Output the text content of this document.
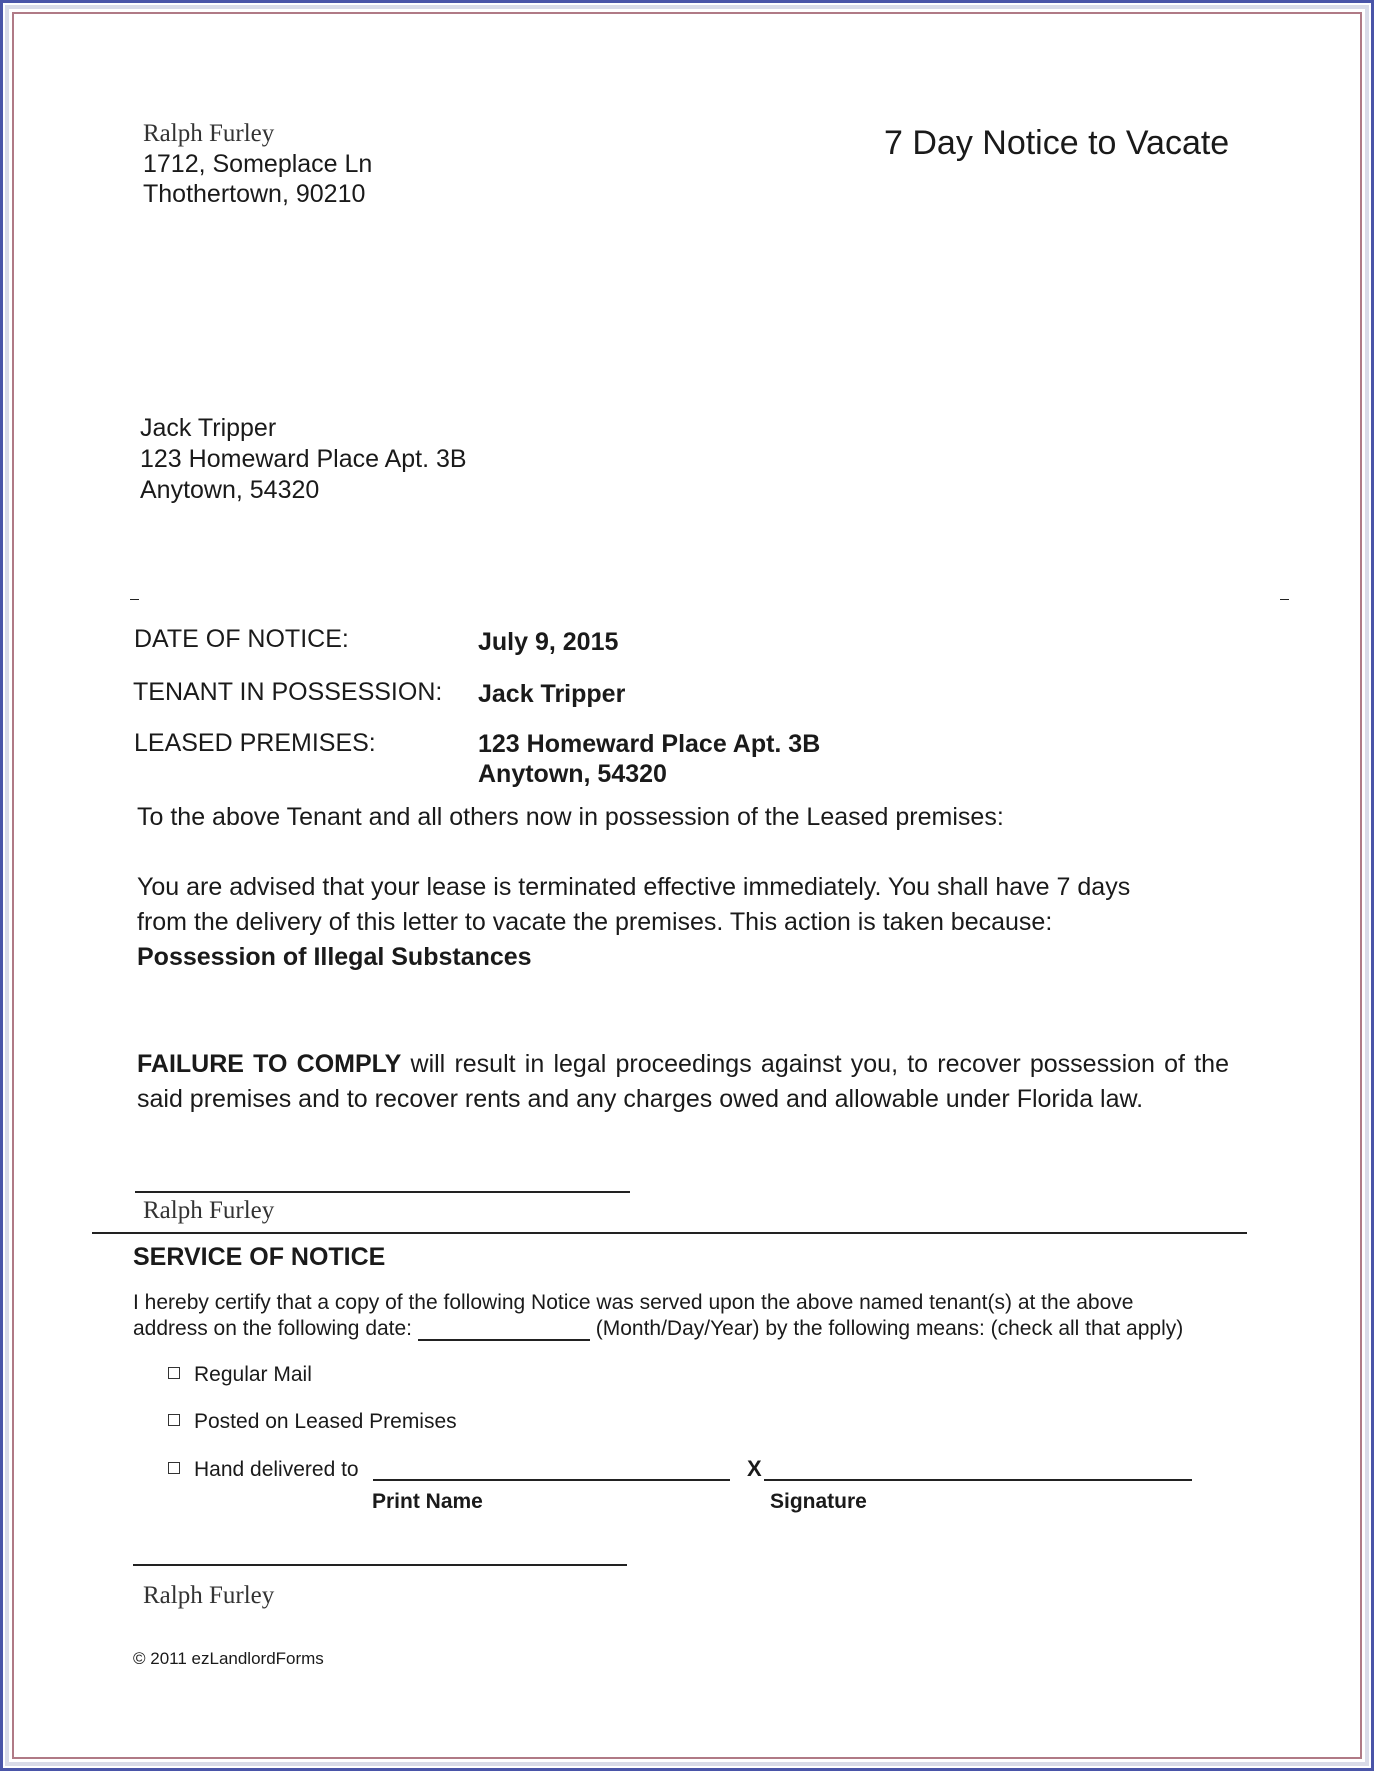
Ralph Furley
1712, Someplace Ln
Thothertown, 90210
7 Day Notice to Vacate
Jack Tripper
123 Homeward Place Apt. 3B
Anytown, 54320
DATE OF NOTICE:	July 9, 2015
TENANT IN POSSESSION: Jack Tripper
LEASED PREMISES:	123 Homeward Place Apt. 3B
Anytown, 54320
To the above Tenant and all others now in possession of the Leased premises:
You are advised that your lease is terminated effective immediately. You shall have 7 days
from the delivery of this letter to vacate the premises. This action is taken because:
Possession of Illegal Substances
FAILURE TO COMPLY will result in legal proceedings against you, to recover possession of the said premises and to recover rents and any charges owed and allowable under Florida law.
Ralph Furley
SERVICE OF NOTICE
I hereby certify that a copy of the following Notice was served upon the above named tenant(s) at the above
address on the following date:	(Month/Day/Year) by the following means: (check all that apply)
Regular Mail
Posted on Leased Premises
Hand delivered to	X
Print Name	Signature
Ralph Furley
© 2011 ezLandlordForms
